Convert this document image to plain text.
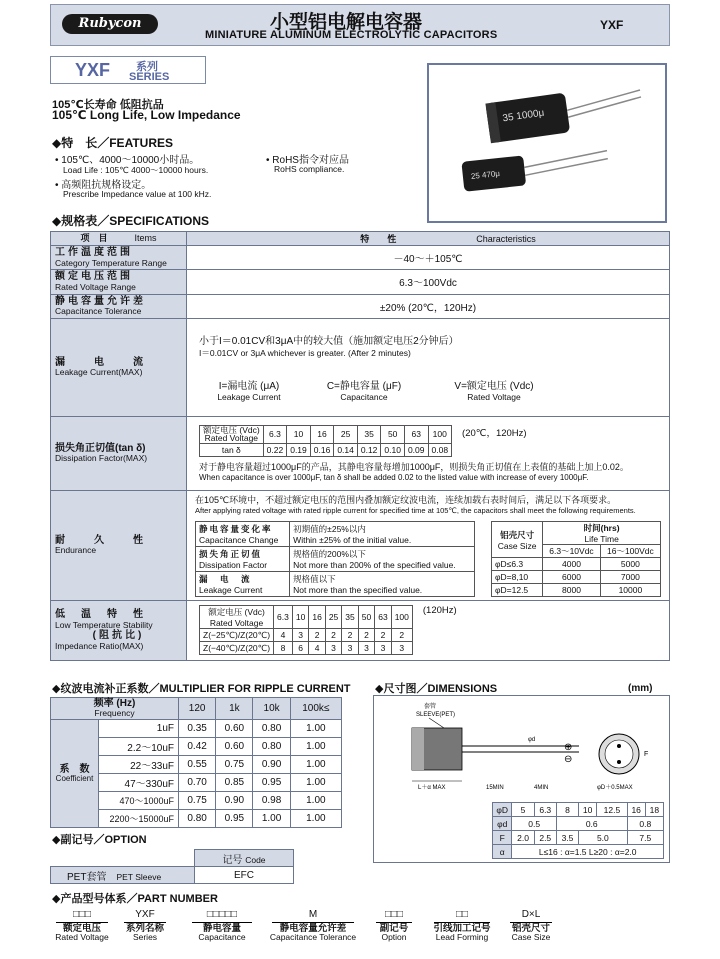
Rubycon	小型铝电解电容器
MINIATURE ALUMINUM ELECTROLYTIC CAPACITORS
YXF
YXF 系列
SERIES
105℃长寿命 低阻抗品
105℃ Long Life, Low Impedance	35 1000μ
25 470μ
◆特　长／FEATURES
• 105℃、4000～10000小时品。
Load Life : 105℃ 4000～10000 hours.
• 高频阻抗规格设定。
Prescribe Impedance value at 100 kHz.
• RoHS指令对应品
RoHS compliance.
◆规格表／SPECIFICATIONS
项　目　　　	Items	特　　性	Characteristics

工作温度范围
Category Temperature Range	－40～＋105℃

额定电压范围
Rated Voltage Range	6.3～100Vdc

静电容量允许差
Capacitance Tolerance	±20% (20℃，120Hz)

漏　　电　　流
Leakage Current(MAX)

小于I＝0.01CV和3μA中的较大值（施加额定电压2分钟后）
I＝0.01CV or 3μA whichever is greater. (After 2 minutes)
I=漏电流 (μA)
Leakage Current
C=静电容量 (μF)
Capacitance
V=额定电压 (Vdc)
Rated Voltage

损失角正切值(tan δ)
Dissipation Factor(MAX)

额定电压 (Vdc)
Rated Voltage	6.3	10	16	25	35	50	63	100
tan δ	0.22	0.19	0.16	0.14	0.12	0.10	0.09	0.08
(20℃，120Hz)
对于静电容量超过1000μF的产品，其静电容量每增加1000μF，则损失角正切值在上表值的基础上加上0.02。
When capacitance is over 1000μF, tan δ shall be added 0.02 to the listed value with increase of every 1000μF.

耐　　久　　性
Endurance

在105℃环境中，不超过额定电压的范围内叠加额定纹波电流，连续加载右表时间后，满足以下各项要求。
After applying rated voltage with rated ripple current for specified time at 105℃, the capacitors shall meet the following requirements.
静电容量变化率
Capacitance Change

初期值的±25%以内
Within ±25% of the initial value.

损失角正切值
Dissipation Factor

规格值的200%以下
Not more than 200% of the specified value.

漏　电　流
Leakage Current

规格值以下
Not more than the specified value.
铝壳尺寸
Case Size

时间(hrs)
Life Time

6.3～10Vdc	16～100Vdc
φD≤6.3	4000	5000
φD=8,10	6000	7000
φD=12.5	8000	10000

低　温　特　性
Low Temperature Stability
(阻抗比)
Impedance Ratio(MAX)

额定电压 (Vdc)
Rated Voltage
	6.3	10	16	25	35	50	63	100
Z(−25℃)/Z(20℃)	4	3	2	2	2	2	2	2
Z(−40℃)/Z(20℃)	8	6	4	3	3	3	3	3
(120Hz)
◆纹波电流补正系数／MULTIPLIER FOR RIPPLE CURRENT
频率 (Hz)
Frequency		120	1k	10k	100k≤

系　数
Coefficient	1uF	0.35	0.60	0.80	1.00
	2.2～10uF	0.42	0.60	0.80	1.00
	22～33uF	0.55	0.75	0.90	1.00
	47～330uF	0.70	0.85	0.95	1.00
	470～1000uF	0.75	0.90	0.98	1.00
	2200～15000uF	0.80	0.95	1.00	1.00
◆尺寸图／DIMENSIONS	(mm)
套管
SLEEVE(PET)
φd
L＋α MAX	15MIN	4MIN
⊕
⊖	F
φD＋0.5MAX
φD	5	6.3	8	10	12.5	16	18
φd	0.5		0.6			0.8	
F	2.0	2.5	3.5	5.0		7.5	
α	L≤16 : α=1.5 L≥20 : α=2.0						
◆副记号／OPTION
	记号 Code
PET套管　 PET Sleeve	EFC
◆产品型号体系／PART NUMBER
□□□
额定电压
Rated Voltage
YXF
系列名称
Series
□□□□□
静电容量
Capacitance
M
静电容量允许差
Capacitance Tolerance
□□□
副记号
Option
□□
引线加工记号
Lead Forming
D×L
铝壳尺寸
Case Size
